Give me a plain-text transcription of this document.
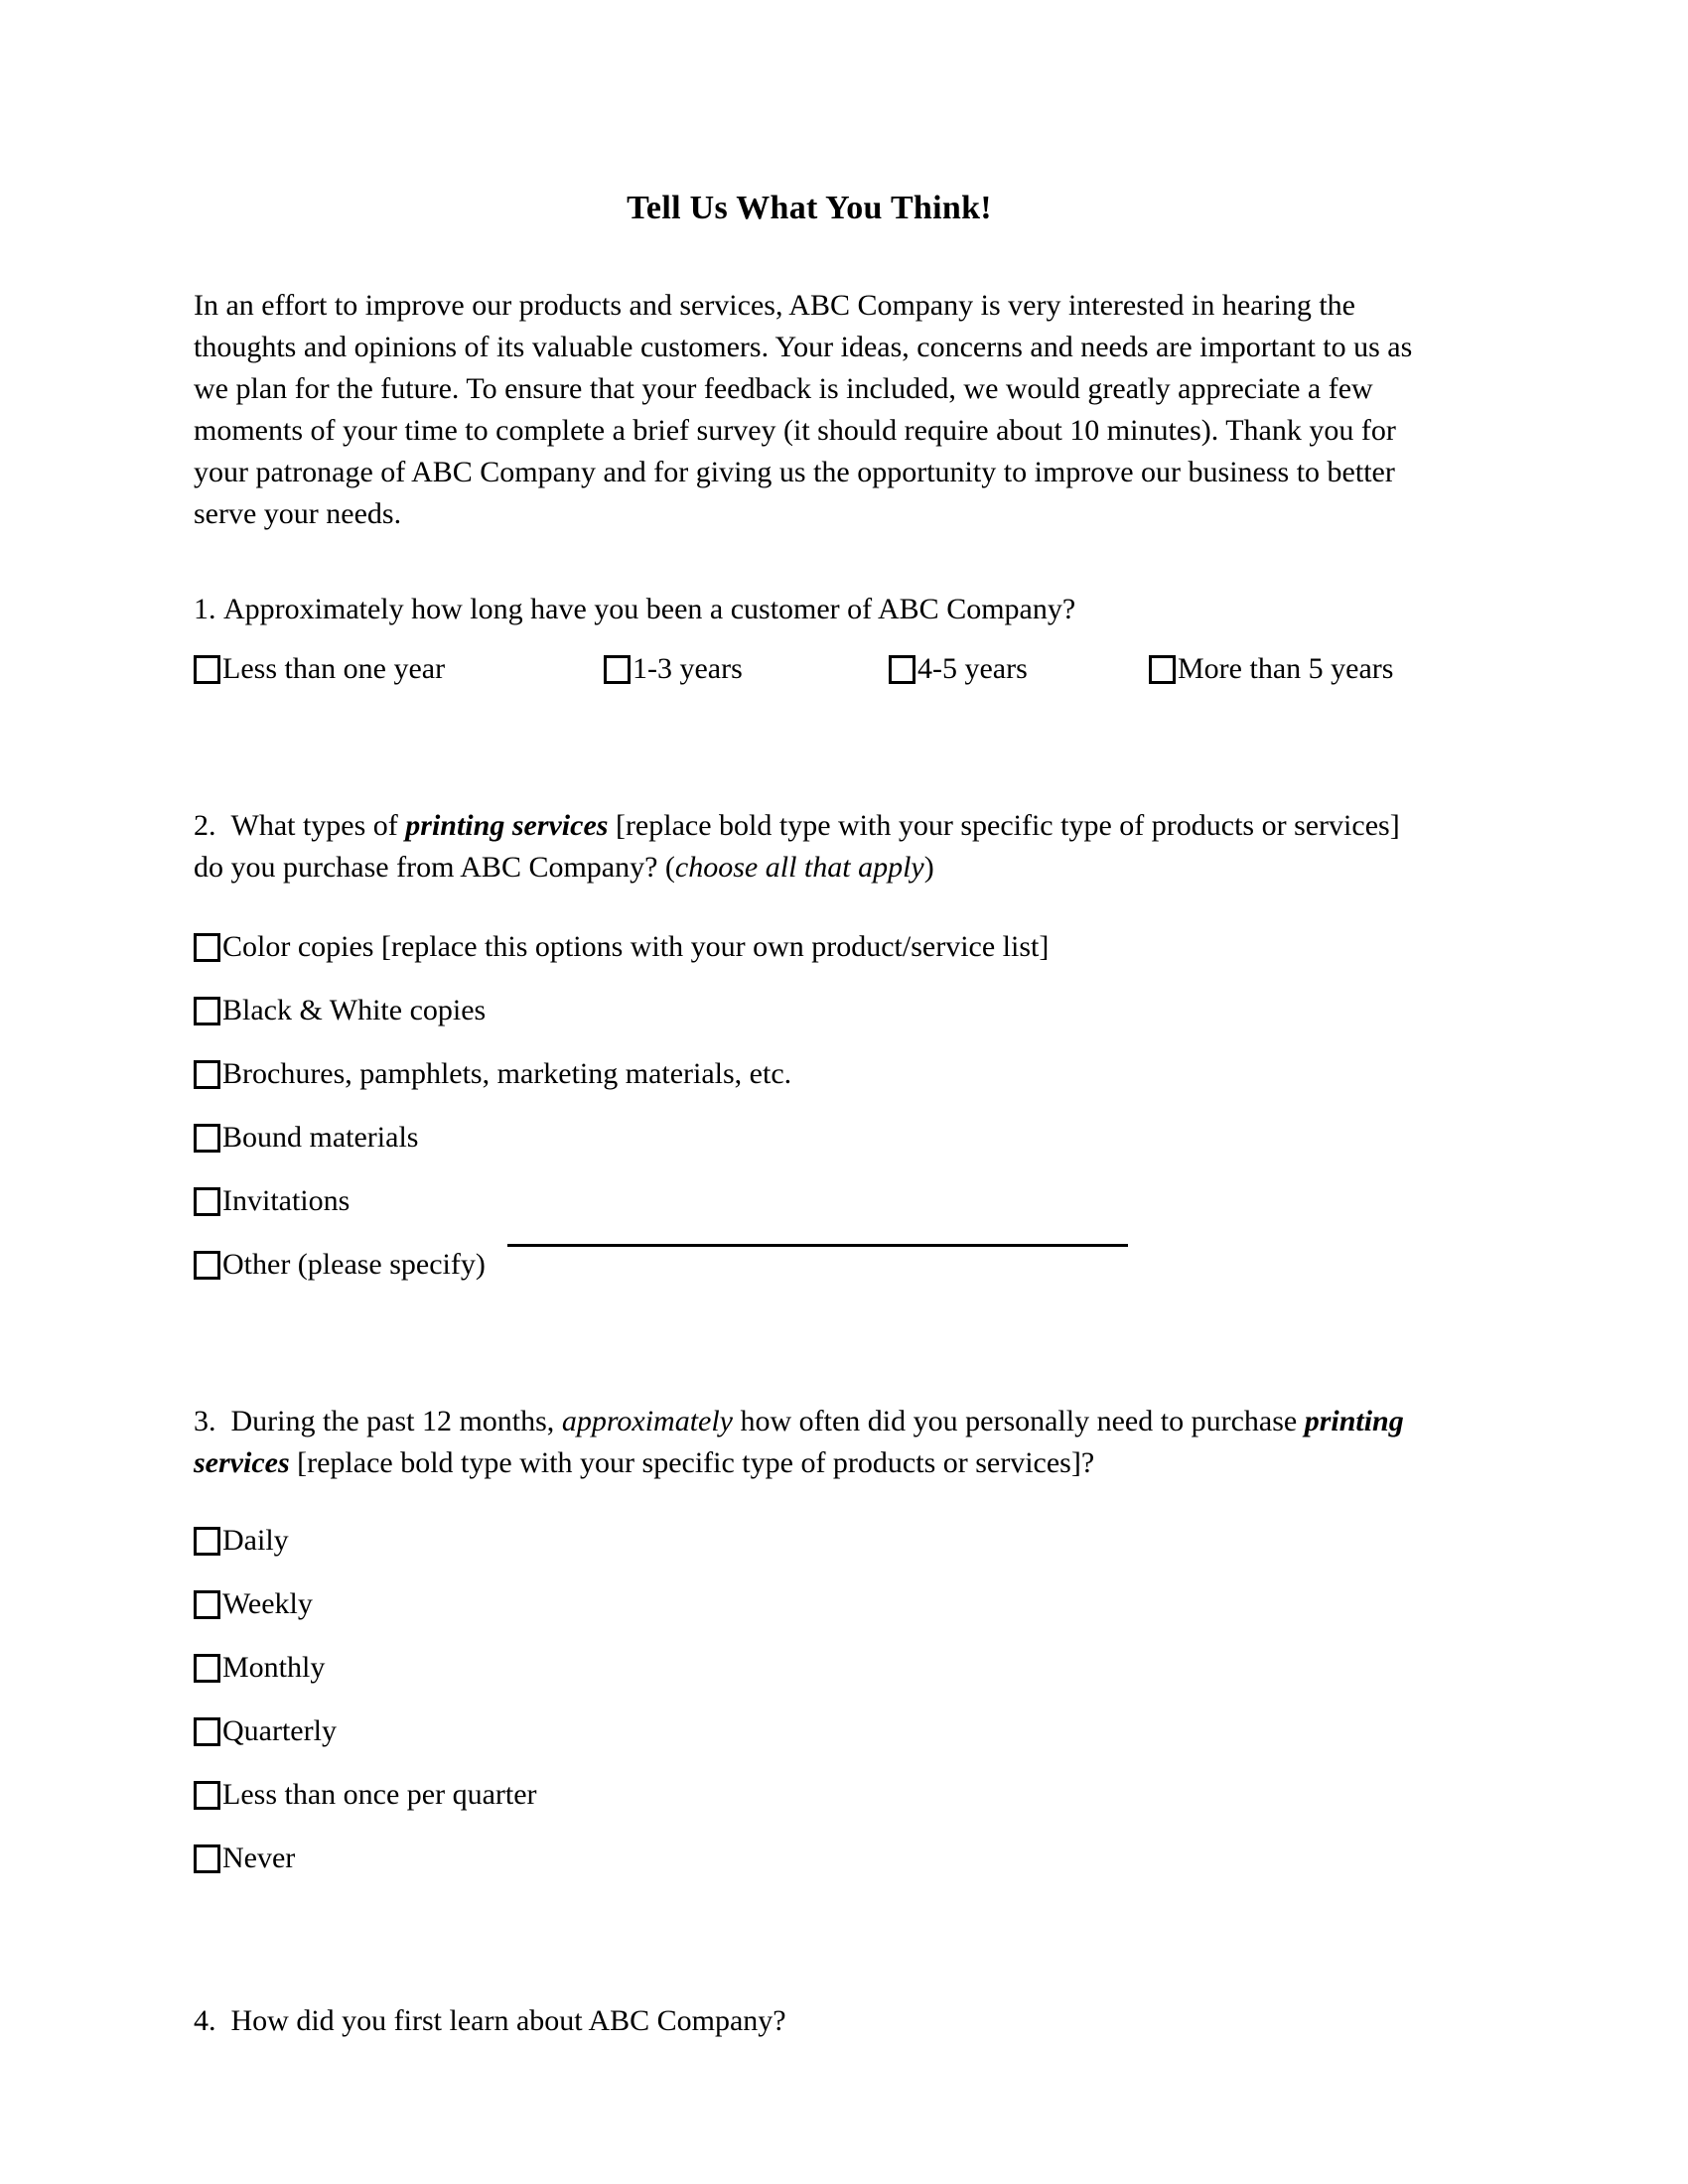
Tell Us What You Think!

In an effort to improve our products and services, ABC Company is very interested in hearing the thoughts and opinions of its valuable customers. Your ideas, concerns and needs are important to us as we plan for the future. To ensure that your feedback is included, we would greatly appreciate a few moments of your time to complete a brief survey (it should require about 10 minutes). Thank you for your patronage of ABC Company and for giving us the opportunity to improve our business to better serve your needs.

1. Approximately how long have you been a customer of ABC Company?
Less than one year	1-3 years	4-5 years	More than 5 years
2. What types of printing services [replace bold type with your specific type of products or services] do you purchase from ABC Company? (choose all that apply)
Color copies [replace this options with your own product/service list]
Black & White copies
Brochures, pamphlets, marketing materials, etc.
Bound materials
Invitations
Other (please specify)
3. During the past 12 months, approximately how often did you personally need to purchase printing services [replace bold type with your specific type of products or services]?
Daily
Weekly
Monthly
Quarterly
Less than once per quarter
Never
4. How did you first learn about ABC Company?
